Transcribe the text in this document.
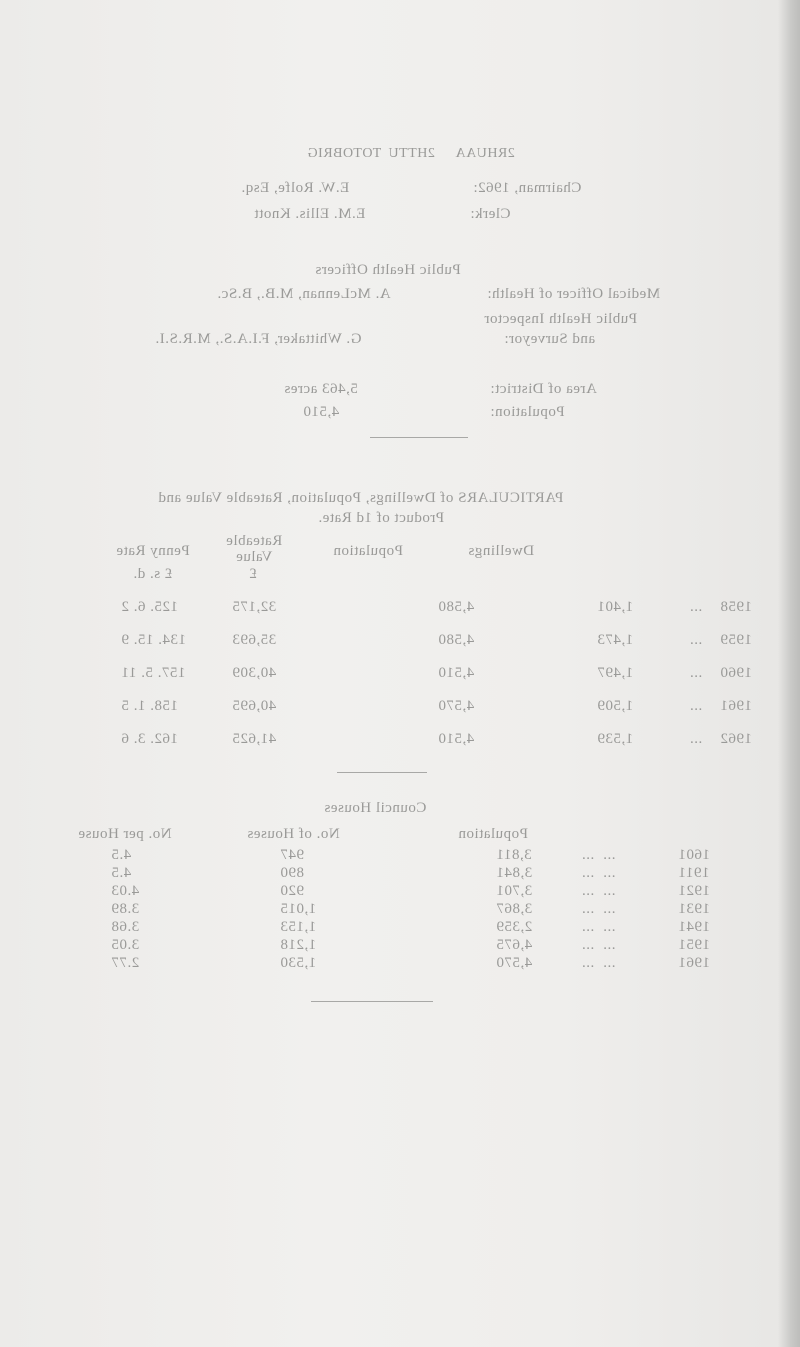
TOTOBRIG 2HTTU 2RHUAA
Chairman, 1962:
Clerk:
E.W. Rolfe, Esq.
E.M. Ellis. Knott
Public Health Officers
Medical Officer of Health:
A. McLennan, M.B., B.Sc.
Public Health Inspector
and Surveyor:
G. Whittaker, F.I.A.S., M.R.S.I.
Area of District:
5,463 acres
Population:
4,510
PARTICULARS of Dwellings, Population, Rateable Value and
Product of 1d Rate.
Dwellings
Population
Rateable Value
Penny Rate
£
£ s. d.
1958
...
1,401
4,580
32,175
125. 6. 2
1959
...
1,473
4,580
35,693
134. 15. 9
1960
...
1,497
4,510
40,309
157. 5. 11
1961
...
1,509
4,570
40,695
158. 1. 5
1962
...
1,539
4,510
41,625
162. 3. 6
Council Houses
Population
No. of Houses
No. per House
1601
...  ...
3,811
947
4.5
1911
...  ...
3,841
890
4.5
1921
...  ...
3,701
920
4.03
1931
...  ...
3,867
1,015
3.89
1941
...  ...
2,359
1,153
3.68
1951
...  ...
4,675
1,218
3.05
1961
...  ...
4,570
1,530
2.77
